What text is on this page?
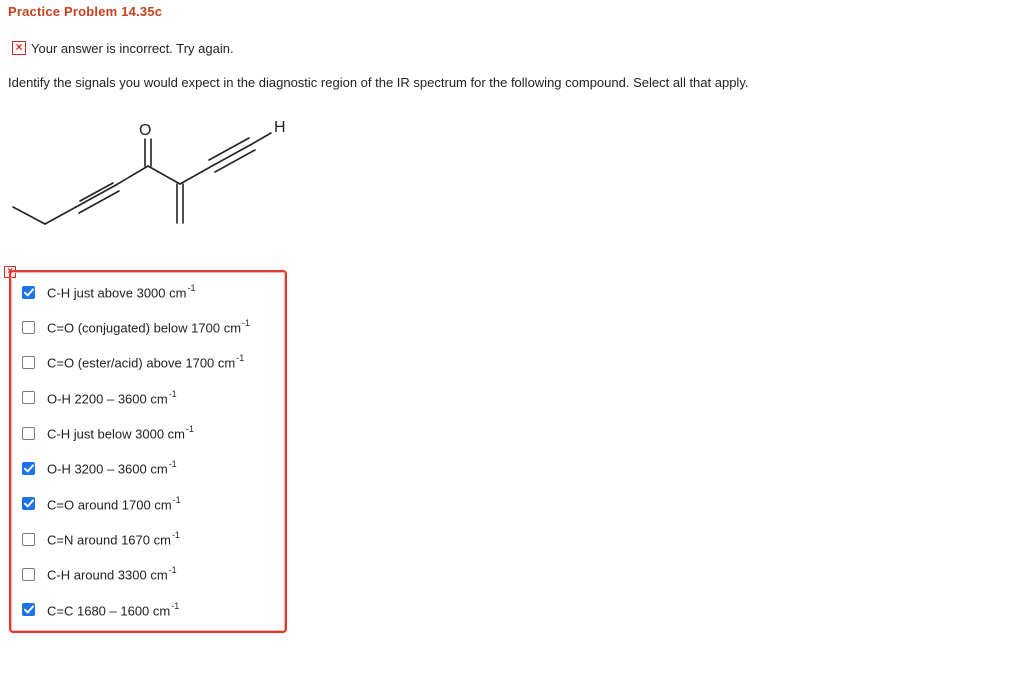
Practice Problem 14.35c
× Your answer is incorrect. Try again.
Identify the signals you would expect in the diagnostic region of the IR spectrum for the following compound. Select all that apply.
O	H
×
C-H just above 3000 $cm^{-1}$
C=O (conjugated) below 1700 $cm^{-1}$
C=O (ester/acid) above 1700 $cm^{-1}$
O-H 2200 – 3600 $cm^{-1}$
C-H just below 3000 $cm^{-1}$
O-H 3200 – 3600 $cm^{-1}$
C=O around 1700 $cm^{-1}$
C=N around 1670 $cm^{-1}$
C-H around 3300 $cm^{-1}$
C=C 1680 – 1600 $cm^{-1}$
